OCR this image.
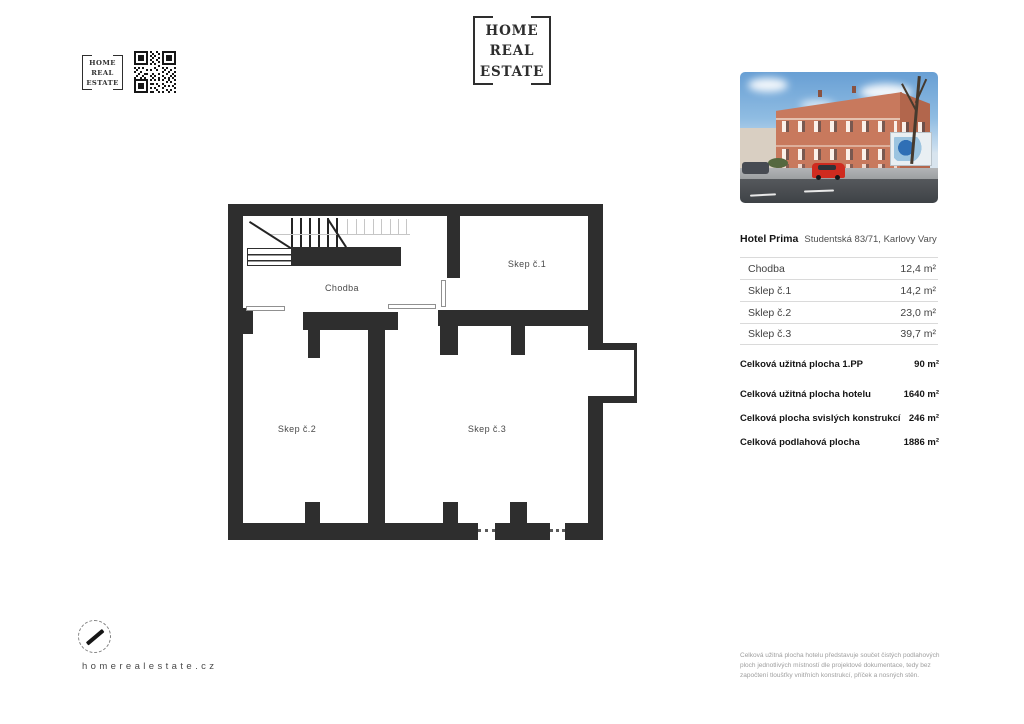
HOME
REAL
ESTATE
HOME
REAL
ESTATE
Hotel Prima Studentská 83/71, Karlovy Vary
Chodba	12,4 m²
Sklep č.1	14,2 m²
Sklep č.2	23,0 m²
Sklep č.3	39,7 m²
Celková užitná plocha 1.PP	90 m²
Celková užitná plocha hotelu	1640 m²
Celková plocha svislých konstrukcí 246 m²
Celková podlahová plocha	1886 m²
Chodba
Skep č.1
Skep č.2	Skep č.3
homerealestate.cz
Celková užitná plocha hotelu představuje součet čistých podlahových ploch jednotlivých místností dle projektové dokumentace, tedy bez započtení tloušťky vnitřních konstrukcí, příček a nosných stěn.
